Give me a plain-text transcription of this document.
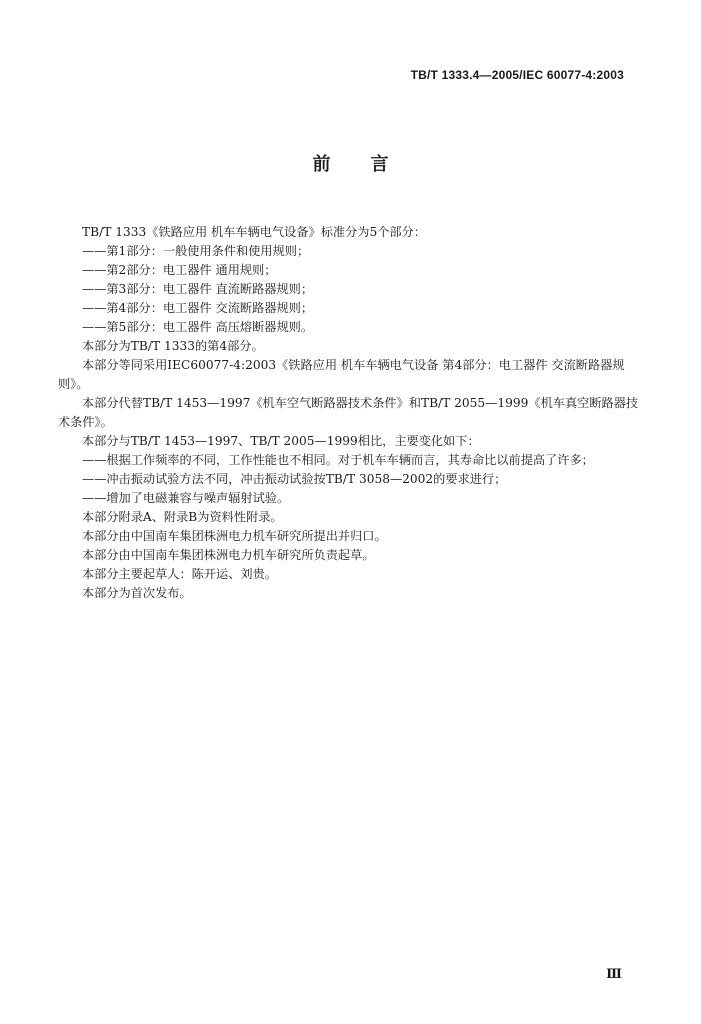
TB/T 1333.4—2005/IEC 60077-4:2003
前言

TB/T 1333《铁路应用 机车车辆电气设备》标准分为5个部分：

——第1部分：一般使用条件和使用规则；

——第2部分：电工器件 通用规则；

——第3部分：电工器件 直流断路器规则；

——第4部分：电工器件 交流断路器规则；

——第5部分：电工器件 高压熔断器规则。

本部分为TB/T 1333的第4部分。

本部分等同采用IEC60077-4:2003《铁路应用 机车车辆电气设备 第4部分：电工器件 交流断路器规则》。

本部分代替TB/T 1453—1997《机车空气断路器技术条件》和TB/T 2055—1999《机车真空断路器技术条件》。

本部分与TB/T 1453—1997、TB/T 2005—1999相比，主要变化如下：

——根据工作频率的不同，工作性能也不相同。对于机车车辆而言，其寿命比以前提高了许多；

——冲击振动试验方法不同，冲击振动试验按TB/T 3058—2002的要求进行；

——增加了电磁兼容与噪声辐射试验。

本部分附录A、附录B为资料性附录。

本部分由中国南车集团株洲电力机车研究所提出并归口。

本部分由中国南车集团株洲电力机车研究所负责起草。

本部分主要起草人：陈开运、刘贵。

本部分为首次发布。

Ⅲ
